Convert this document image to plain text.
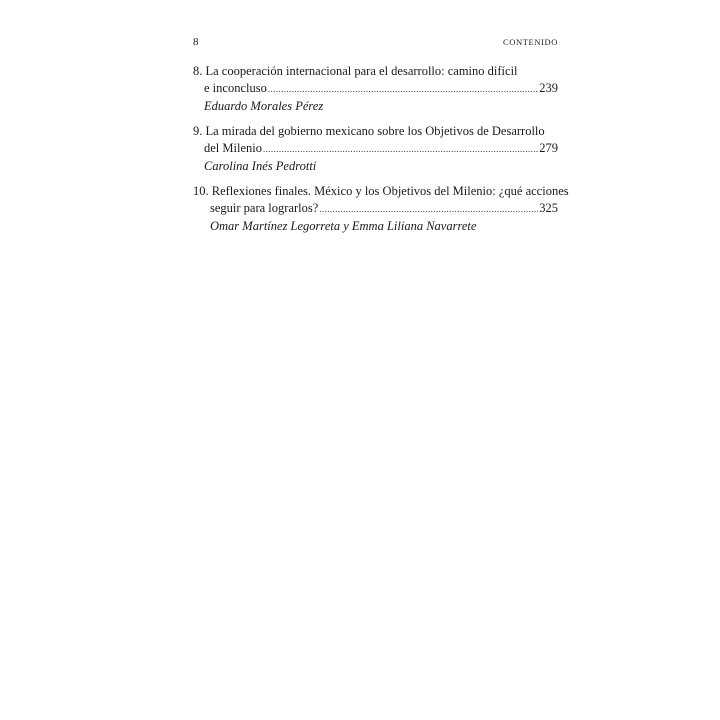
8	CONTENIDO
8. La cooperación internacional para el desarrollo: camino difícil
e inconcluso .....	239
Eduardo Morales Pérez
9. La mirada del gobierno mexicano sobre los Objetivos de Desarrollo
del Milenio .....	279
Carolina Inés Pedrotti
10. Reflexiones finales. México y los Objetivos del Milenio: ¿qué acciones
seguir para lograrlos? .....	325
Omar Martínez Legorreta y Emma Liliana Navarrete
